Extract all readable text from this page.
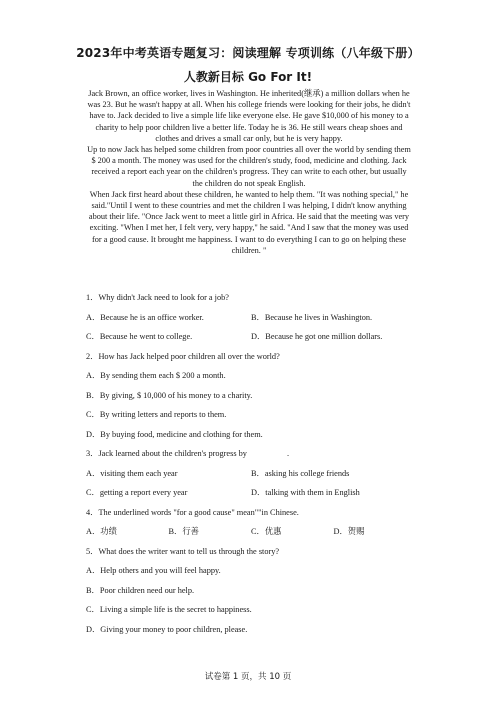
2023年中考英语专题复习：阅读理解 专项训练（八年级下册）
人教新目标 Go For It!

Jack Brown, an office worker, lives in Washington. He inherited(继承) a million dollars when he was 23. But he wasn't happy at all. When his college friends were looking for their jobs, he didn't have to. Jack decided to live a simple life like everyone else. He gave $10,000 of his money to a charity to help poor children live a better life. Today he is 36. He still wears cheap shoes and clothes and drives a small car only, but he is very happy.

Up to now Jack has helped some children from poor countries all over the world by sending them $ 200 a month. The money was used for the children's study, food, medicine and clothing. Jack received a report each year on the children's progress. They can write to each other, but usually the children do not speak English.

When Jack first heard about these children, he wanted to help them. "It was nothing special," he said."Until I went to these countries and met the children I was helping, I didn't know anything about their life. "Once Jack went to meet a little girl in Africa. He said that the meeting was very exciting. "When I met her, I felt very, very happy," he said. "And I saw that the money was used for a good cause. It brought me happiness. I want to do everything I can to go on helping these children. "

1．Why didn't Jack need to look for a job?
A．Because he is an office worker.	B．Because he lives in Washington.
C．Because he went to college.	D．Because he got one million dollars.
2．How has Jack helped poor children all over the world?
A．By sending them each $ 200 a month.
B．By giving, $ 10,000 of his money to a charity.
C．By writing letters and reports to them.
D．By buying food, medicine and clothing for them.
3．Jack learned about the children's progress by	.
A．visiting them each year	B．asking his college friends
C．getting a report every year	D．talking with them in English
4．The underlined words "for a good cause" mean""in Chinese.
A．功绩	B．行善	C．优惠	D．贺赐
5．What does the writer want to tell us through the story?
A．Help others and you will feel happy.
B．Poor children need our help.
C．Living a simple life is the secret to happiness.
D．Giving your money to poor children, please.
试卷第 1 页，共 10 页
